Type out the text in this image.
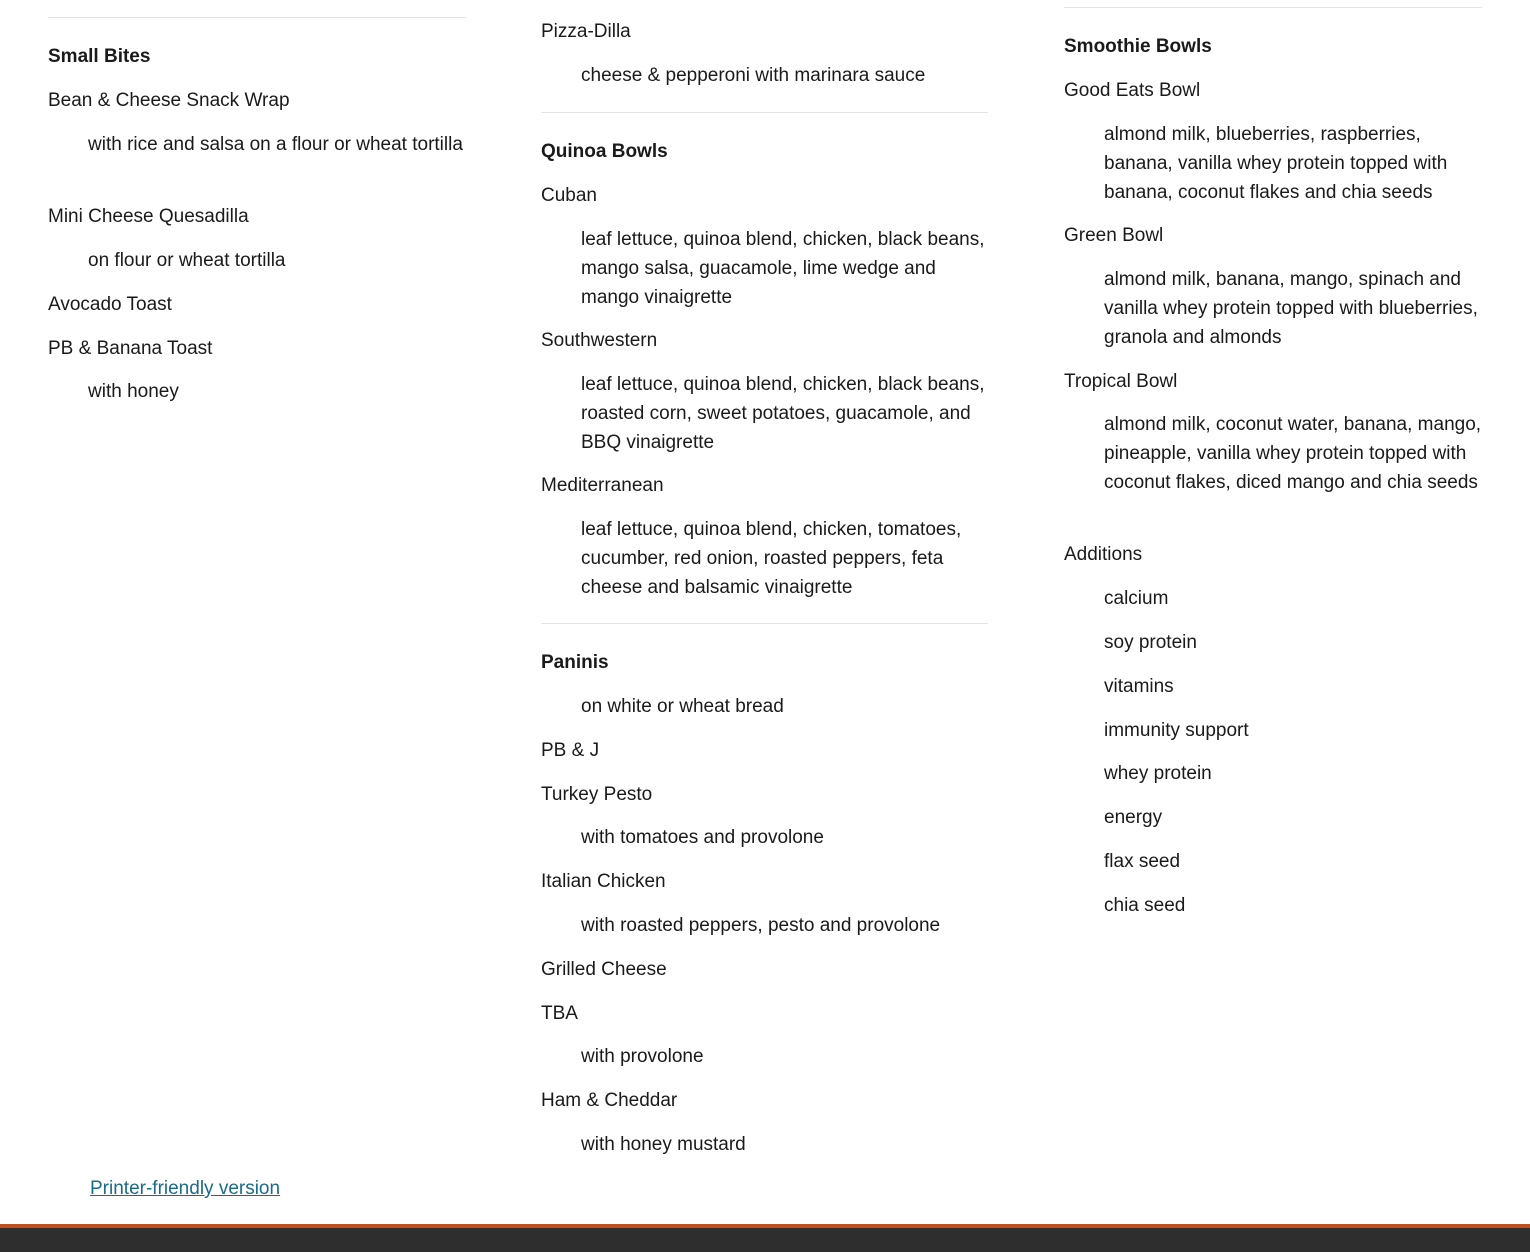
Small Bites
Bean & Cheese Snack Wrap
with rice and salsa on a flour or wheat tortilla
Mini Cheese Quesadilla
on flour or wheat tortilla
Avocado Toast
PB & Banana Toast
with honey
Pizza-Dilla
cheese & pepperoni with marinara sauce
Quinoa Bowls
Cuban
leaf lettuce, quinoa blend, chicken, black beans, mango salsa, guacamole, lime wedge and mango vinaigrette
Southwestern
leaf lettuce, quinoa blend, chicken, black beans, roasted corn, sweet potatoes, guacamole, and BBQ vinaigrette
Mediterranean
leaf lettuce, quinoa blend, chicken, tomatoes, cucumber, red onion, roasted peppers, feta cheese and balsamic vinaigrette
Paninis
on white or wheat bread
PB & J
Turkey Pesto
with tomatoes and provolone
Italian Chicken
with roasted peppers, pesto and provolone
Grilled Cheese
TBA
with provolone
Ham & Cheddar
with honey mustard
Smoothie Bowls
Good Eats Bowl
almond milk, blueberries, raspberries, banana, vanilla whey protein topped with banana, coconut flakes and chia seeds
Green Bowl
almond milk, banana, mango, spinach and vanilla whey protein topped with blueberries, granola and almonds
Tropical Bowl
almond milk, coconut water, banana, mango, pineapple, vanilla whey protein topped with coconut flakes, diced mango and chia seeds
Additions
calcium
soy protein
vitamins
immunity support
whey protein
energy
flax seed
chia seed
Printer-friendly version
